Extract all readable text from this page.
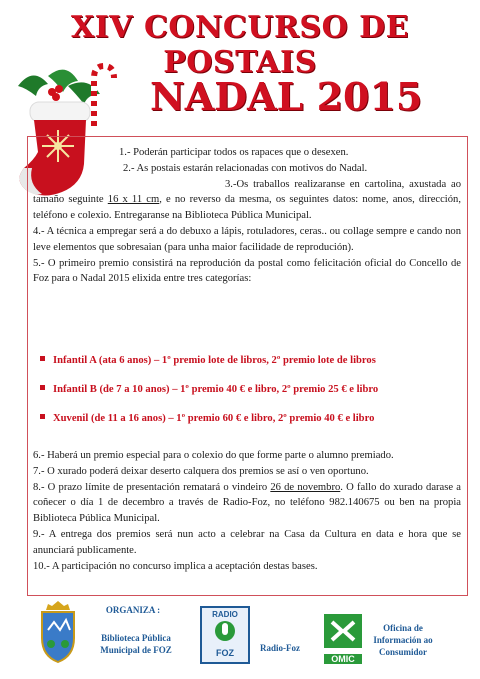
XIV CONCURSO DE POSTAIS
NADAL 2015

1.- Poderán participar todos os rapaces que o desexen.

2.- As postais estarán relacionadas con motivos do Nadal.

3.-Os traballos realizaranse en cartolina, axustada ao tamaño seguinte 16 x 11 cm, e no reverso da mesma, os seguintes datos: nome, anos, dirección, teléfono e colexio. Entregaranse na Biblioteca Pública Municipal.

4.- A técnica a empregar será a do debuxo a lápis, rotuladores, ceras.. ou collage sempre e cando non leve elementos que sobresaian (para unha maior facilidade de reprodución).

5.- O primeiro premio consistirá na reprodución da postal como felicitación oficial do Concello de Foz para o Nadal 2015 elixida entre tres categorías:

Infantil A (ata 6 anos) – 1º premio lote de libros, 2º premio lote de libros
Infantil B (de 7 a 10 anos) – 1º premio 40 € e libro, 2º premio 25 € e libro
Xuvenil (de 11 a 16 anos) – 1º premio 60 € e libro, 2º premio 40 € e libro

6.- Haberá un premio especial para o colexio do que forme parte o alumno premiado.

7.- O xurado poderá deixar deserto calquera dos premios se así o ven oportuno.

8.- O prazo límite de presentación rematará o vindeiro 26 de novembro. O fallo do xurado darase a coñecer o día 1 de decembro a través de Radio-Foz, no teléfono 982.140675 ou ben na propia Biblioteca Pública Municipal.

9.- A entrega dos premios será nun acto a celebrar na Casa da Cultura en data e hora que se anunciará publicamente.

10.- A participación no concurso implica a aceptación destas bases.

ORGANIZA :
Biblioteca Pública Municipal de FOZ
RADIO
FOZ	Radio-Foz
OMIC
Oficina de Información ao Consumidor
